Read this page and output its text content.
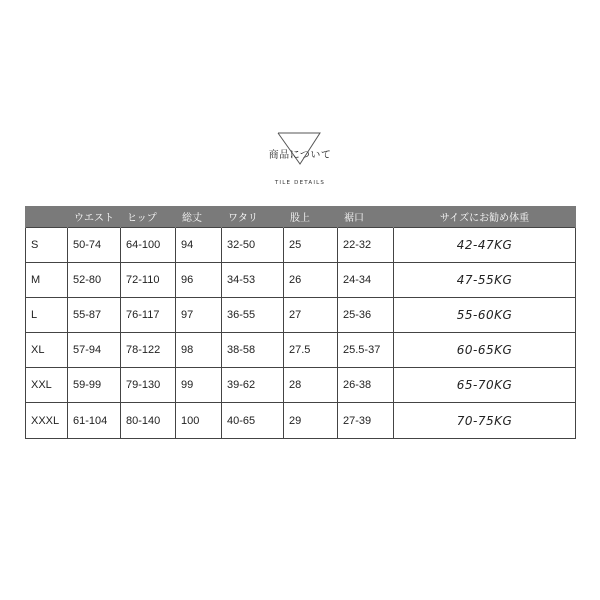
商品について
TILE DETAILS
	ウエスト	ヒップ	総丈	ワタリ	股上	裾口	サイズにお勧め体重
S	50-74	64-100	94	32-50	25	22-32	42-47KG
M	52-80	72-110	96	34-53	26	24-34	47-55KG
L	55-87	76-117	97	36-55	27	25-36	55-60KG
XL	57-94	78-122	98	38-58	27.5	25.5-37	60-65KG
XXL	59-99	79-130	99	39-62	28	26-38	65-70KG
XXXL	61-104	80-140	100	40-65	29	27-39	70-75KG
